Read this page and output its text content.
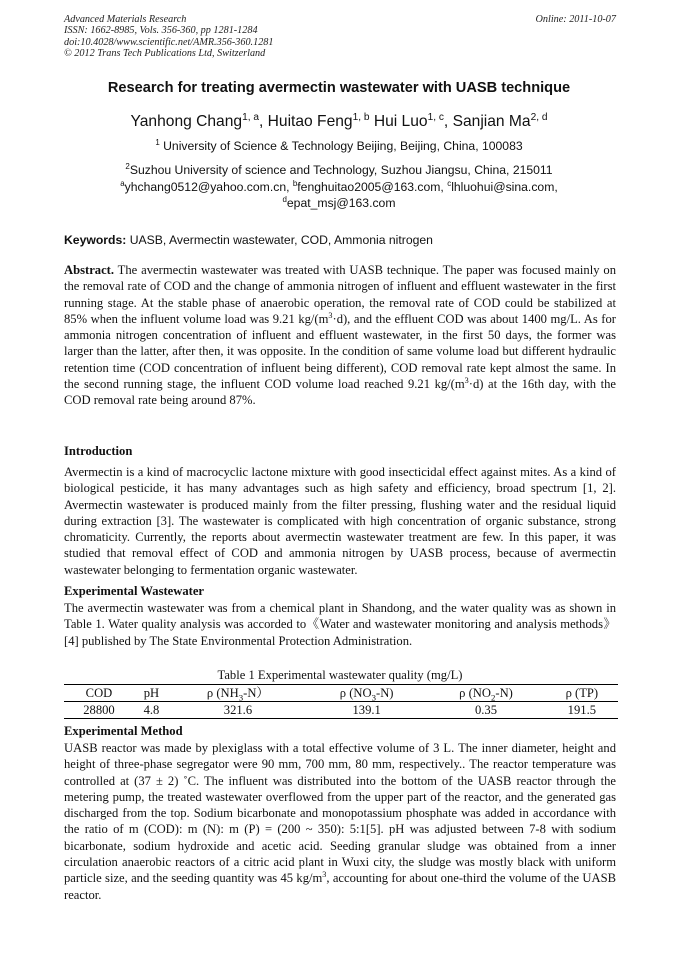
Advanced Materials Research
ISSN: 1662-8985, Vols. 356-360, pp 1281-1284
doi:10.4028/www.scientific.net/AMR.356-360.1281
© 2012 Trans Tech Publications Ltd, Switzerland
Online: 2011-10-07
Research for treating avermectin wastewater with UASB technique
Yanhong Chang$^{1, a}$, Huitao Feng$^{1, b}$ Hui Luo$^{1, c}$, Sanjian Ma$^{2, d}$
$^1$ University of Science & Technology Beijing, Beijing, China, 100083
$^2$Suzhou University of science and Technology, Suzhou Jiangsu, China, 215011
$^a$yhchang0512@yahoo.com.cn, $^b$fenghuitao2005@163.com, $^c$lhluohui@sina.com,
$^d$epat_msj@163.com
Keywords: UASB, Avermectin wastewater, COD, Ammonia nitrogen
Abstract. The avermectin wastewater was treated with UASB technique. The paper was focused mainly on the removal rate of COD and the change of ammonia nitrogen of influent and effluent wastewater in the first running stage. At the stable phase of anaerobic operation, the removal rate of COD could be stabilized at 85% when the influent volume load was 9.21 $kg/(m^3\cdot d)$, and the effluent COD was about 1400 mg/L. As for ammonia nitrogen concentration of influent and effluent wastewater, in the first 50 days, the former was larger than the latter, after then, it was opposite. In the condition of same volume load but different hydraulic retention time (COD concentration of influent being different), COD removal rate kept almost the same. In the second running stage, the influent COD volume load reached 9.21 $kg/(m^3\cdot d)$ at the 16th day, with the COD removal rate being around 87%.
Introduction
Avermectin is a kind of macrocyclic lactone mixture with good insecticidal effect against mites. As a kind of biological pesticide, it has many advantages such as high safety and efficiency, broad spectrum [1, 2]. Avermectin wastewater is produced mainly from the filter pressing, flushing water and the residual liquid during extraction [3]. The wastewater is complicated with high concentration of organic substance, strong chromaticity. Currently, the reports about avermectin wastewater treatment are few. In this paper, it was studied that removal effect of COD and ammonia nitrogen by UASB process, because of avermectin wastewater belonging to fermentation organic wastewater.
Experimental Wastewater
The avermectin wastewater was from a chemical plant in Shandong, and the water quality was as shown in Table 1. Water quality analysis was accorded to《Water and wastewater monitoring and analysis methods》[4] published by The State Environmental Protection Administration.
Table 1 Experimental wastewater quality (mg/L)
COD	pH	ρ $(NH_3-N)$	ρ $(NO_3-N)$	ρ $(NO_2-N)$	ρ (TP)
28800	4.8	321.6	139.1	0.35	191.5
Experimental Method
UASB reactor was made by plexiglass with a total effective volume of 3 L. The inner diameter, height and height of three-phase segregator were 90 mm, 700 mm, 80 mm, respectively.. The reactor temperature was controlled at (37 ± 2) ˚C. The influent was distributed into the bottom of the UASB reactor through the metering pump, the treated wastewater overflowed from the upper part of the reactor, and the generated gas discharged from the top. Sodium bicarbonate and monopotassium phosphate was added in accordance with the ratio of m (COD): m (N): m (P) = (200 ~ 350): 5:1[5]. pH was adjusted between 7-8 with sodium bicarbonate, sodium hydroxide and acetic acid. Seeding granular sludge was obtained from a inner circulation anaerobic reactors of a citric acid plant in Wuxi city, the sludge was mostly black with uniform particle size, and the seeding quantity was 45 $kg/m^3$, accounting for about one-third the volume of the UASB reactor.
